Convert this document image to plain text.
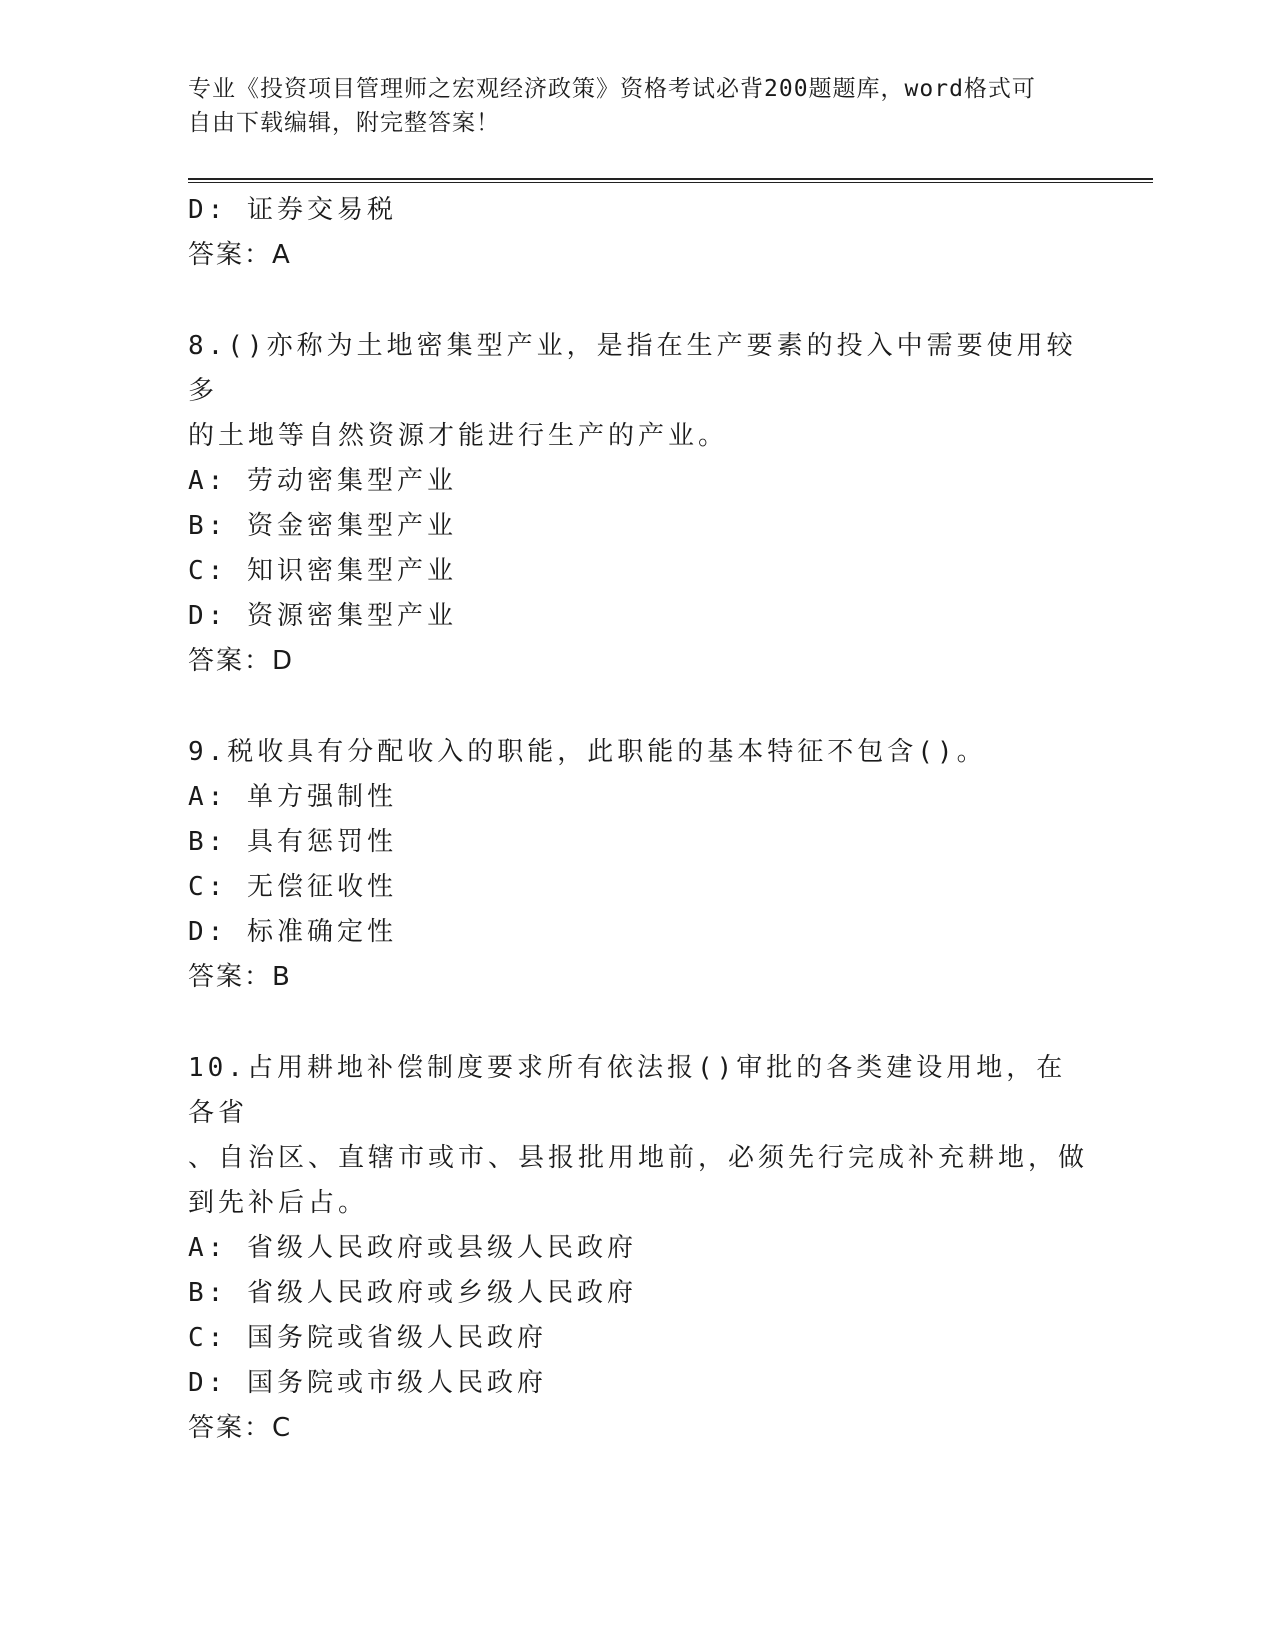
专业《投资项目管理师之宏观经济政策》资格考试必背200题题库，word格式可
自由下载编辑，附完整答案！
D: 证券交易税
答案：A
8.()亦称为土地密集型产业，是指在生产要素的投入中需要使用较多
的土地等自然资源才能进行生产的产业。
A: 劳动密集型产业
B: 资金密集型产业
C: 知识密集型产业
D: 资源密集型产业
答案：D
9.税收具有分配收入的职能，此职能的基本特征不包含()。
A: 单方强制性
B: 具有惩罚性
C: 无偿征收性
D: 标准确定性
答案：B
10.占用耕地补偿制度要求所有依法报()审批的各类建设用地，在各省
、自治区、直辖市或市、县报批用地前，必须先行完成补充耕地，做
到先补后占。
A: 省级人民政府或县级人民政府
B: 省级人民政府或乡级人民政府
C: 国务院或省级人民政府
D: 国务院或市级人民政府
答案：C
